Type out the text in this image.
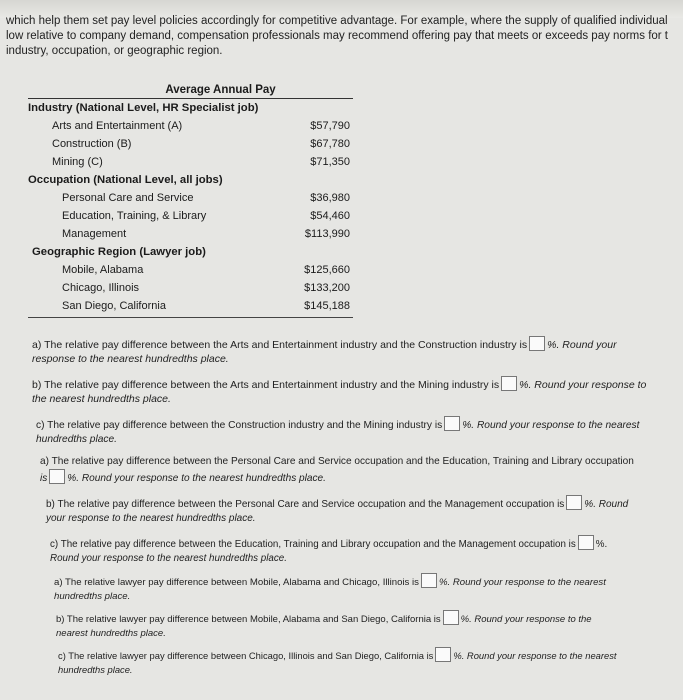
which help them set pay level policies accordingly for competitive advantage. For example, where the supply of qualified individual
low relative to company demand, compensation professionals may recommend offering pay that meets or exceeds pay norms for t
industry, occupation, or geographic region.
Average Annual Pay
Industry (National Level, HR Specialist job)
Arts and Entertainment (A)	$57,790
Construction (B)	$67,780
Mining (C)	$71,350
Occupation (National Level, all jobs)
Personal Care and Service	$36,980
Education, Training, & Library	$54,460
Management	$113,990
Geographic Region (Lawyer job)
Mobile, Alabama	$125,660
Chicago, Illinois	$133,200
San Diego, California	$145,188
a) The relative pay difference between the Arts and Entertainment industry and the Construction industry is %. Round your
response to the nearest hundredths place.
b) The relative pay difference between the Arts and Entertainment industry and the Mining industry is %. Round your response to
the nearest hundredths place.
c) The relative pay difference between the Construction industry and the Mining industry is %. Round your response to the nearest
hundredths place.
a) The relative pay difference between the Personal Care and Service occupation and the Education, Training and Library occupation
is %. Round your response to the nearest hundredths place.
b) The relative pay difference between the Personal Care and Service occupation and the Management occupation is %. Round
your response to the nearest hundredths place.
c) The relative pay difference between the Education, Training and Library occupation and the Management occupation is %.
Round your response to the nearest hundredths place.
a) The relative lawyer pay difference between Mobile, Alabama and Chicago, Illinois is %. Round your response to the nearest
hundredths place.
b) The relative lawyer pay difference between Mobile, Alabama and San Diego, California is %. Round your response to the
nearest hundredths place.
c) The relative lawyer pay difference between Chicago, Illinois and San Diego, California is %. Round your response to the nearest
hundredths place.
